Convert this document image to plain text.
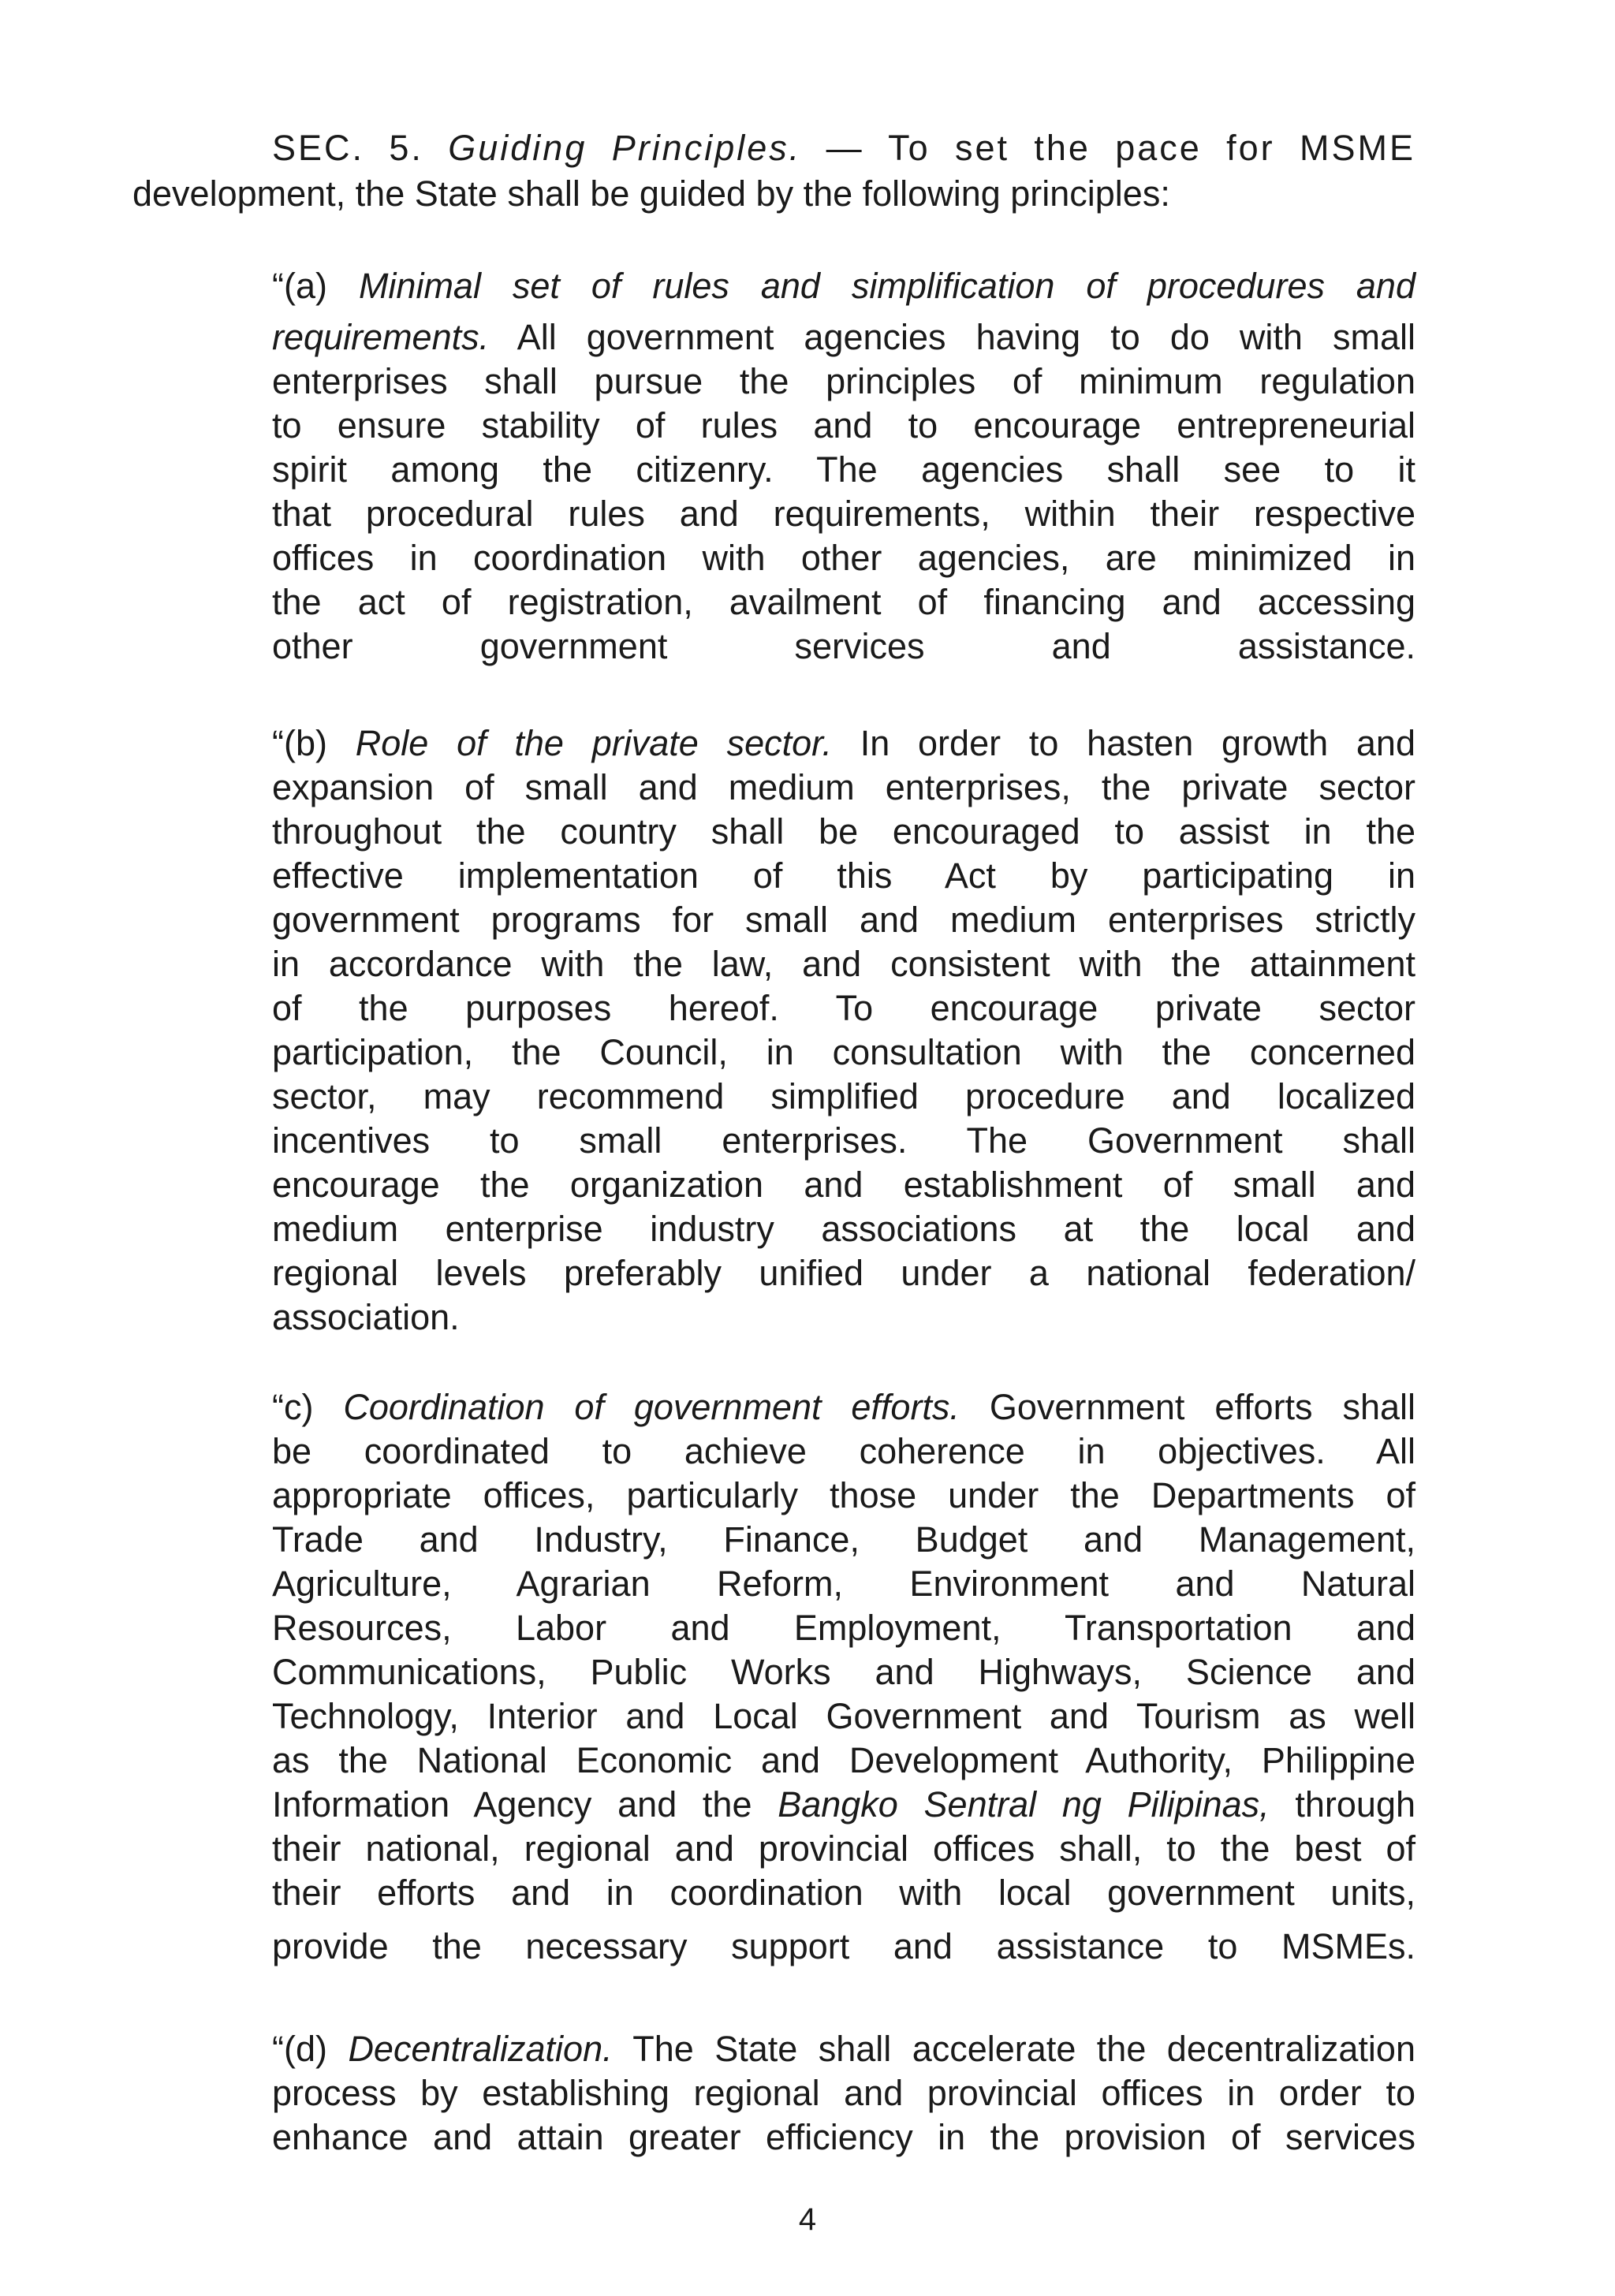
SEC. 5. Guiding Principles. — To set the pace for MSME
development, the State shall be guided by the following principles:
“(a) Minimal set of rules and simplification of procedures and
requirements. All government agencies having to do with small
enterprises shall pursue the principles of minimum regulation
to ensure stability of rules and to encourage entrepreneurial
spirit among the citizenry. The agencies shall see to it
that procedural rules and requirements, within their respective
offices in coordination with other agencies, are minimized in
the act of registration, availment of financing and accessing
other government services and assistance.
“(b) Role of the private sector. In order to hasten growth and
expansion of small and medium enterprises, the private sector
throughout the country shall be encouraged to assist in the
effective implementation of this Act by participating in
government programs for small and medium enterprises strictly
in accordance with the law, and consistent with the attainment
of the purposes hereof. To encourage private sector
participation, the Council, in consultation with the concerned
sector, may recommend simplified procedure and localized
incentives to small enterprises. The Government shall
encourage the organization and establishment of small and
medium enterprise industry associations at the local and
regional levels preferably unified under a national federation/
association.
“c) Coordination of government efforts. Government efforts shall
be coordinated to achieve coherence in objectives. All
appropriate offices, particularly those under the Departments of
Trade and Industry, Finance, Budget and Management,
Agriculture, Agrarian Reform, Environment and Natural
Resources, Labor and Employment, Transportation and
Communications, Public Works and Highways, Science and
Technology, Interior and Local Government and Tourism as well
as the National Economic and Development Authority, Philippine
Information Agency and the Bangko Sentral ng Pilipinas, through
their national, regional and provincial offices shall, to the best of
their efforts and in coordination with local government units,
provide the necessary support and assistance to MSMEs.
“(d) Decentralization. The State shall accelerate the decentralization
process by establishing regional and provincial offices in order to
enhance and attain greater efficiency in the provision of services
4
